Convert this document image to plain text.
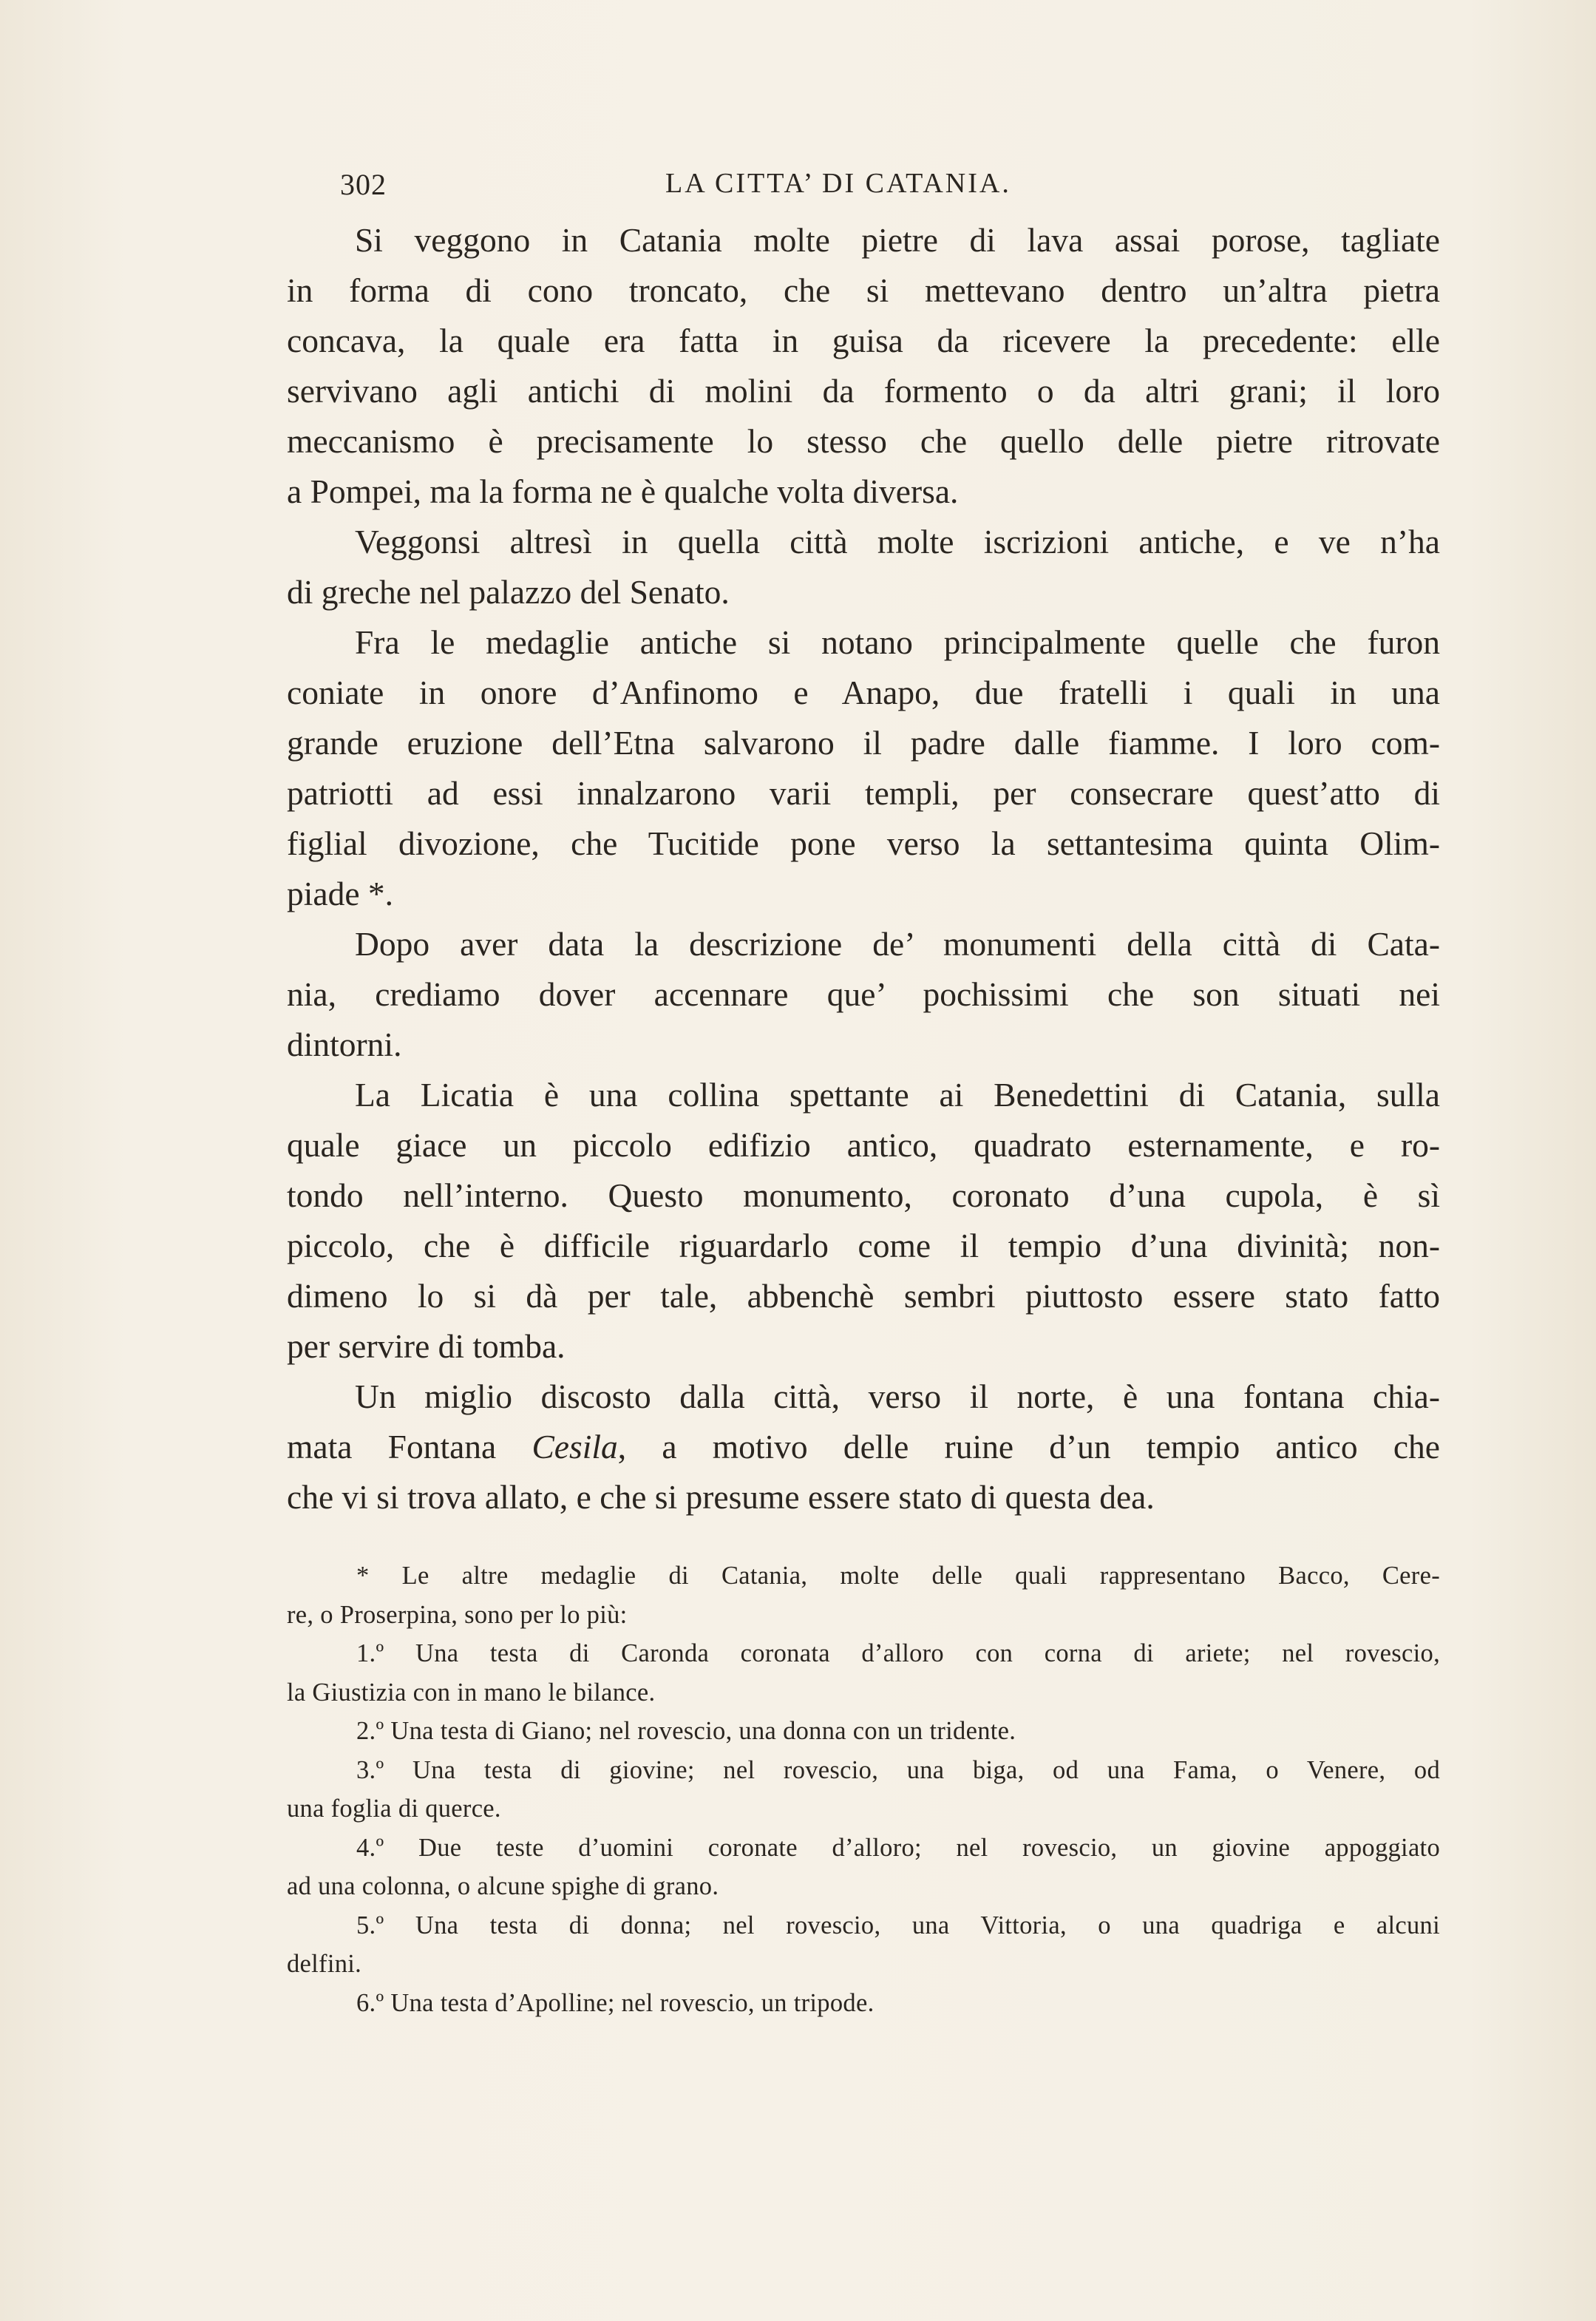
302	LA CITTA’ DI CATANIA.
Si veggono in Catania molte pietre di lava assai porose, tagliate
in forma di cono troncato, che si mettevano dentro un’altra pietra
concava, la quale era fatta in guisa da ricevere la precedente: elle
servivano agli antichi di molini da formento o da altri grani; il loro
meccanismo è precisamente lo stesso che quello delle pietre ritrovate
a Pompei, ma la forma ne è qualche volta diversa.
Veggonsi altresì in quella città molte iscrizioni antiche, e ve n’ha
di greche nel palazzo del Senato.
Fra le medaglie antiche si notano principalmente quelle che furon
coniate in onore d’Anfinomo e Anapo, due fratelli i quali in una
grande eruzione dell’Etna salvarono il padre dalle fiamme. I loro com-
patriotti ad essi innalzarono varii templi, per consecrare quest’atto di
figlial divozione, che Tucitide pone verso la settantesima quinta Olim-
piade *.
Dopo aver data la descrizione de’ monumenti della città di Cata-
nia, crediamo dover accennare que’ pochissimi che son situati nei
dintorni.
La Licatia è una collina spettante ai Benedettini di Catania, sulla
quale giace un piccolo edifizio antico, quadrato esternamente, e ro-
tondo nell’interno. Questo monumento, coronato d’una cupola, è sì
piccolo, che è difficile riguardarlo come il tempio d’una divinità; non-
dimeno lo si dà per tale, abbenchè sembri piuttosto essere stato fatto
per servire di tomba.
Un miglio discosto dalla città, verso il norte, è una fontana chia-
mata Fontana Cesila, a motivo delle ruine d’un tempio antico che
che vi si trova allato, e che si presume essere stato di questa dea.
* Le altre medaglie di Catania, molte delle quali rappresentano Bacco, Cere-
re, o Proserpina, sono per lo più:
1.º Una testa di Caronda coronata d’alloro con corna di ariete; nel rovescio,
la Giustizia con in mano le bilance.
2.º Una testa di Giano; nel rovescio, una donna con un tridente.
3.º Una testa di giovine; nel rovescio, una biga, od una Fama, o Venere, od
una foglia di querce.
4.º Due teste d’uomini coronate d’alloro; nel rovescio, un giovine appoggiato
ad una colonna, o alcune spighe di grano.
5.º Una testa di donna; nel rovescio, una Vittoria, o una quadriga e alcuni
delfini.
6.º Una testa d’Apolline; nel rovescio, un tripode.
